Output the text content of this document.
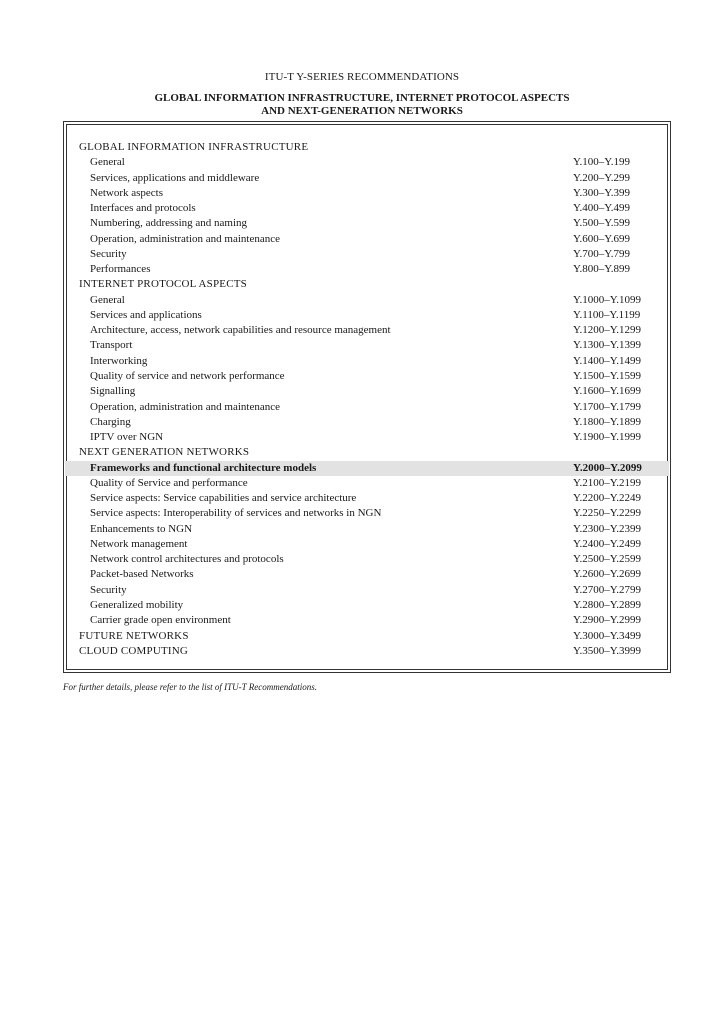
ITU-T Y-SERIES RECOMMENDATIONS
GLOBAL INFORMATION INFRASTRUCTURE, INTERNET PROTOCOL ASPECTS
AND NEXT-GENERATION NETWORKS
GLOBAL INFORMATION INFRASTRUCTURE
General	Y.100–Y.199
Services, applications and middleware	Y.200–Y.299
Network aspects	Y.300–Y.399
Interfaces and protocols	Y.400–Y.499
Numbering, addressing and naming	Y.500–Y.599
Operation, administration and maintenance	Y.600–Y.699
Security	Y.700–Y.799
Performances	Y.800–Y.899
INTERNET PROTOCOL ASPECTS
General	Y.1000–Y.1099
Services and applications	Y.1100–Y.1199
Architecture, access, network capabilities and resource management	Y.1200–Y.1299
Transport	Y.1300–Y.1399
Interworking	Y.1400–Y.1499
Quality of service and network performance	Y.1500–Y.1599
Signalling	Y.1600–Y.1699
Operation, administration and maintenance	Y.1700–Y.1799
Charging	Y.1800–Y.1899
IPTV over NGN	Y.1900–Y.1999
NEXT GENERATION NETWORKS
Frameworks and functional architecture models	Y.2000–Y.2099
Quality of Service and performance	Y.2100–Y.2199
Service aspects: Service capabilities and service architecture	Y.2200–Y.2249
Service aspects: Interoperability of services and networks in NGN	Y.2250–Y.2299
Enhancements to NGN	Y.2300–Y.2399
Network management	Y.2400–Y.2499
Network control architectures and protocols	Y.2500–Y.2599
Packet-based Networks	Y.2600–Y.2699
Security	Y.2700–Y.2799
Generalized mobility	Y.2800–Y.2899
Carrier grade open environment	Y.2900–Y.2999
FUTURE NETWORKS	Y.3000–Y.3499
CLOUD COMPUTING	Y.3500–Y.3999
For further details, please refer to the list of ITU-T Recommendations.
